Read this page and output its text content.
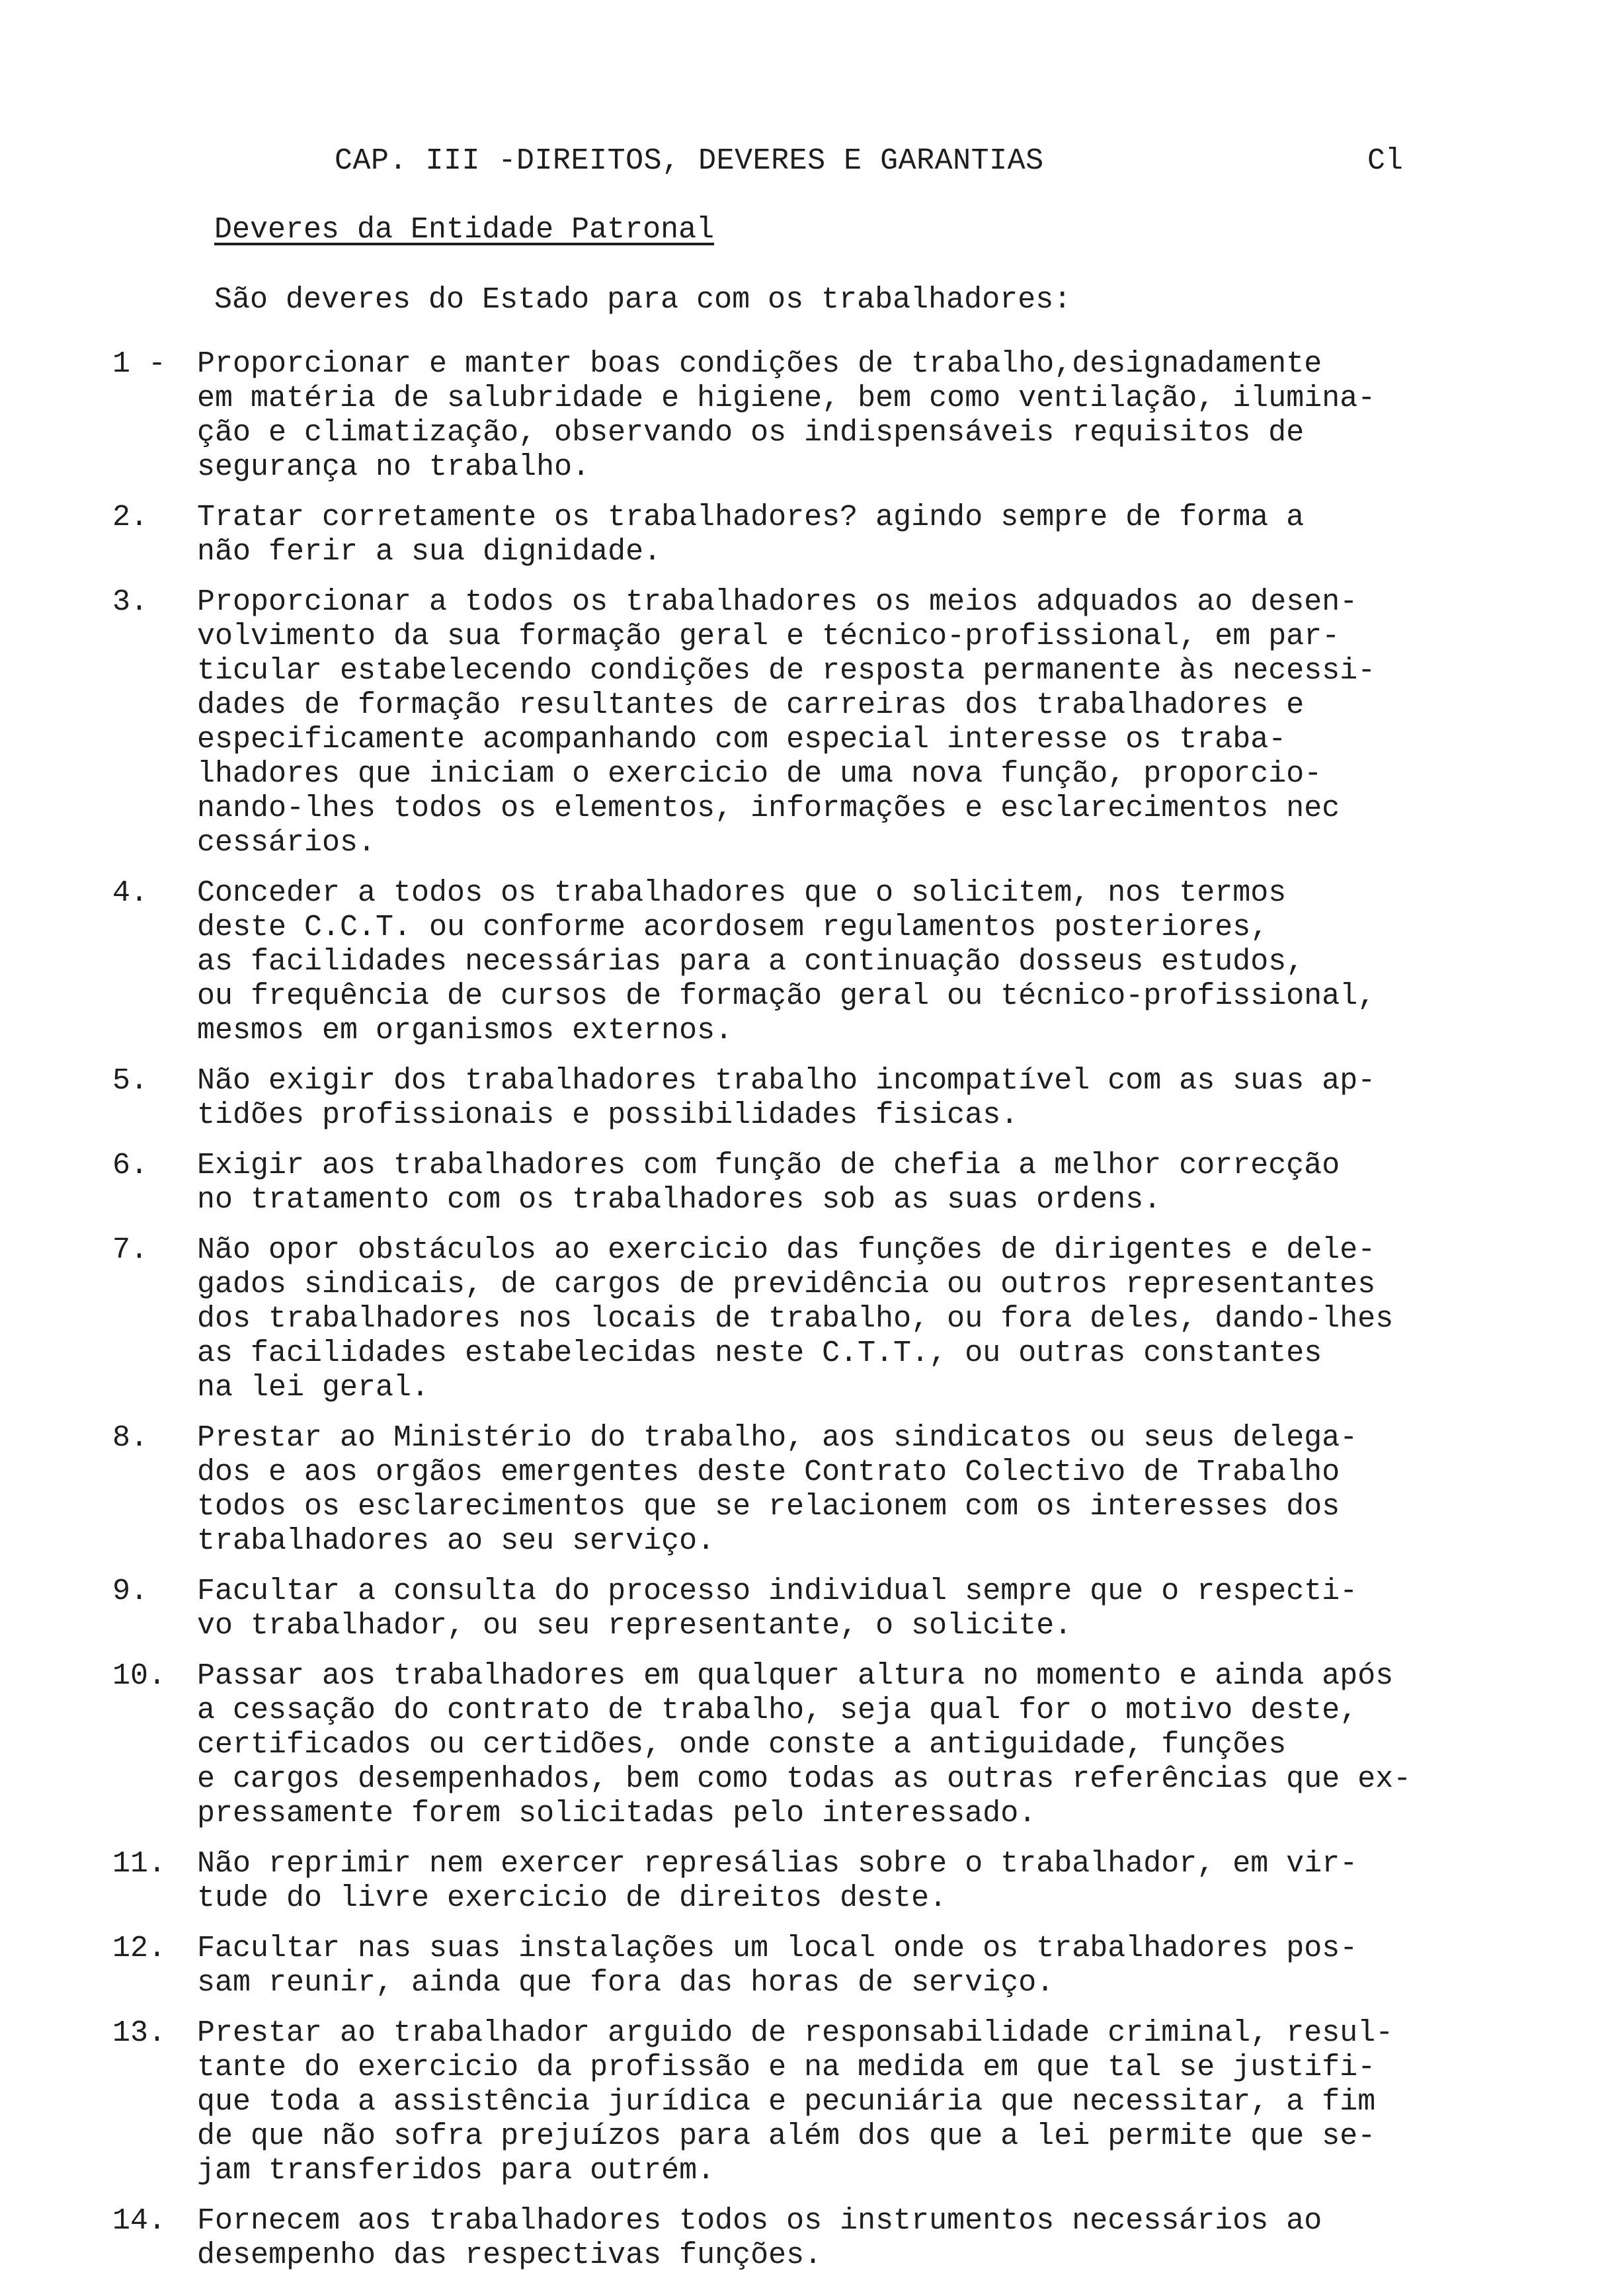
CAP. III -DIREITOS, DEVERES E GARANTIAS	Cl
Deveres da Entidade Patronal
São deveres do Estado para com os trabalhadores:
1 -	Proporcionar e manter boas condições de trabalho,designadamente
em matéria de salubridade e higiene, bem como ventilação, ilumina-
ção e climatização, observando os indispensáveis requisitos de
segurança no trabalho.
2.	Tratar corretamente os trabalhadores? agindo sempre de forma a
não ferir a sua dignidade.
3.	Proporcionar a todos os trabalhadores os meios adquados ao desen-
volvimento da sua formação geral e técnico-profissional, em par-
ticular estabelecendo condições de resposta permanente às necessi-
dades de formação resultantes de carreiras dos trabalhadores e
especificamente acompanhando com especial interesse os traba-
lhadores que iniciam o exercicio de uma nova função, proporcio-
nando-lhes todos os elementos, informações e esclarecimentos nec
cessários.
4.	Conceder a todos os trabalhadores que o solicitem, nos termos
deste C.C.T. ou conforme acordosem regulamentos posteriores,
as facilidades necessárias para a continuação dosseus estudos,
ou frequência de cursos de formação geral ou técnico-profissional,
mesmos em organismos externos.
5.	Não exigir dos trabalhadores trabalho incompatível com as suas ap-
tidões profissionais e possibilidades fisicas.
6.	Exigir aos trabalhadores com função de chefia a melhor correcção
no tratamento com os trabalhadores sob as suas ordens.
7.	Não opor obstáculos ao exercicio das funções de dirigentes e dele-
gados sindicais, de cargos de previdência ou outros representantes
dos trabalhadores nos locais de trabalho, ou fora deles, dando-lhes
as facilidades estabelecidas neste C.T.T., ou outras constantes
na lei geral.
8.	Prestar ao Ministério do trabalho, aos sindicatos ou seus delega-
dos e aos orgãos emergentes deste Contrato Colectivo de Trabalho
todos os esclarecimentos que se relacionem com os interesses dos
trabalhadores ao seu serviço.
9.	Facultar a consulta do processo individual sempre que o respecti-
vo trabalhador, ou seu representante, o solicite.
10.	Passar aos trabalhadores em qualquer altura no momento e ainda após
a cessação do contrato de trabalho, seja qual for o motivo deste,
certificados ou certidões, onde conste a antiguidade, funções
e cargos desempenhados, bem como todas as outras referências que ex-
pressamente forem solicitadas pelo interessado.
11.	Não reprimir nem exercer represálias sobre o trabalhador, em vir-
tude do livre exercicio de direitos deste.
12.	Facultar nas suas instalações um local onde os trabalhadores pos-
sam reunir, ainda que fora das horas de serviço.
13.	Prestar ao trabalhador arguido de responsabilidade criminal, resul-
tante do exercicio da profissão e na medida em que tal se justifi-
que toda a assistência jurídica e pecuniária que necessitar, a fim
de que não sofra prejuízos para além dos que a lei permite que se-
jam transferidos para outrém.
14.	Fornecem aos trabalhadores todos os instrumentos necessários ao
desempenho das respectivas funções.
